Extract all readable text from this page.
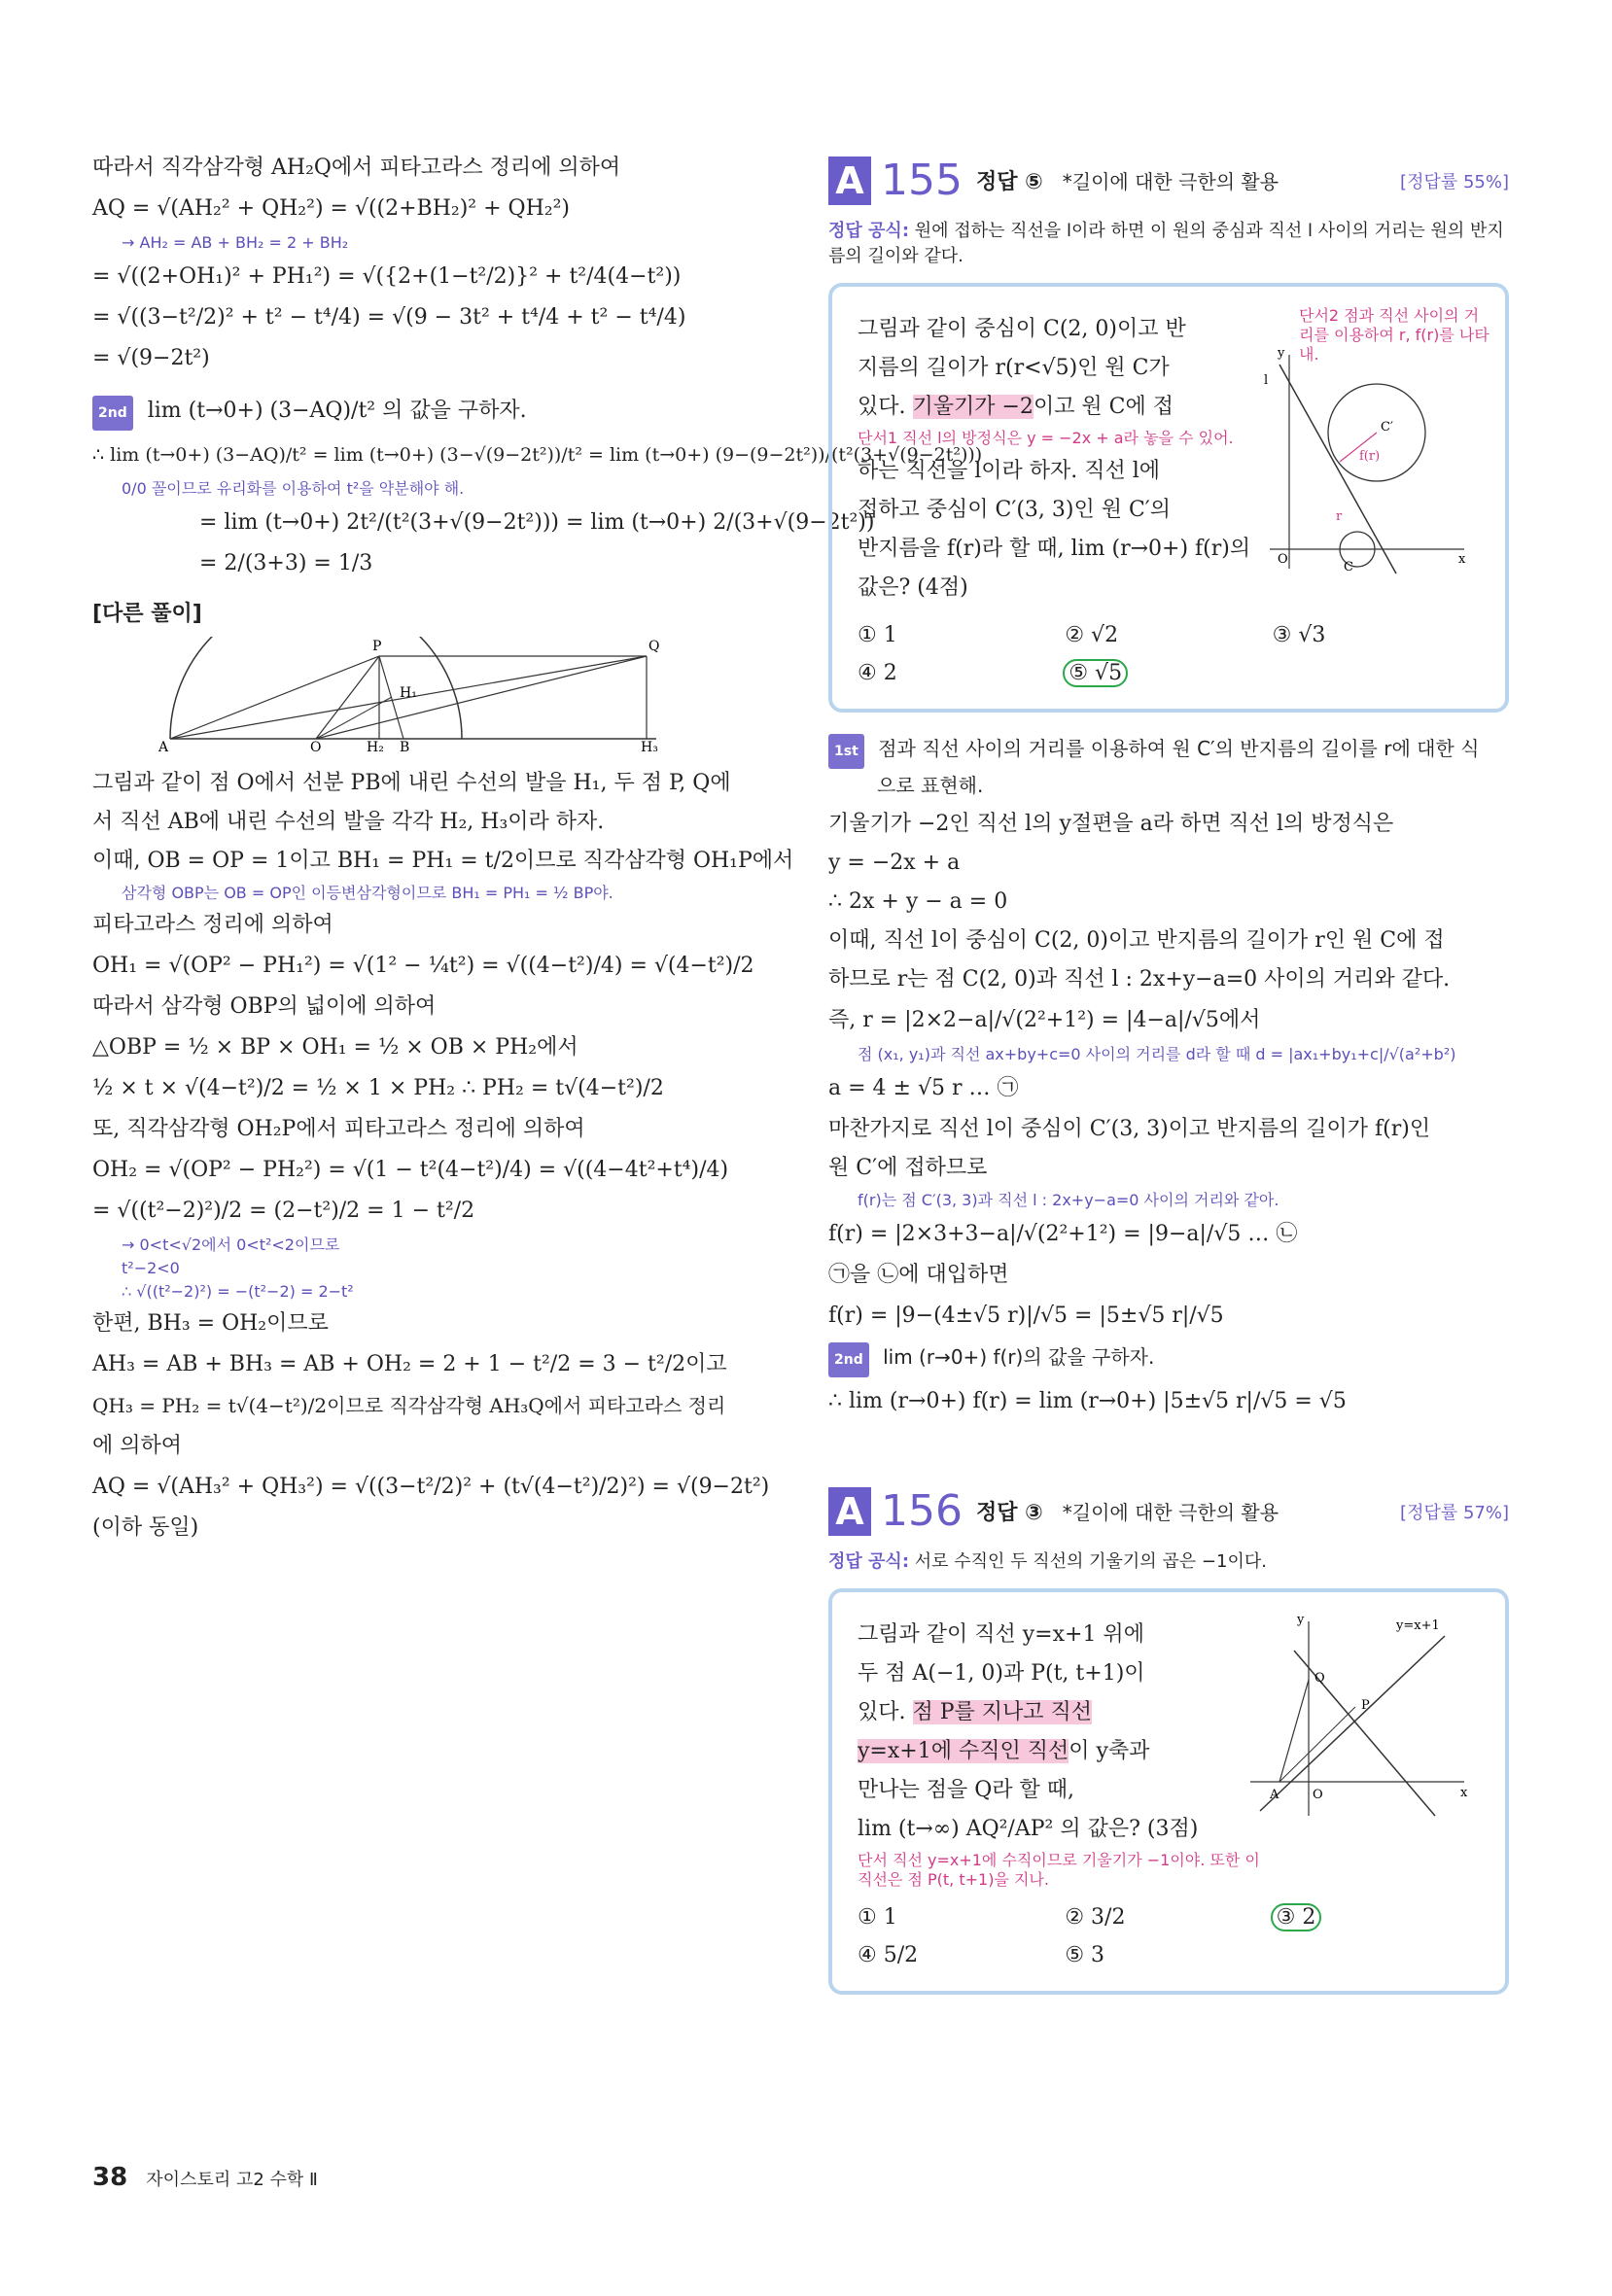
따라서 직각삼각형 AH₂Q에서 피타고라스 정리에 의하여
AQ = √(AH₂² + QH₂²) = √((2+BH₂)² + QH₂²)
→ AH₂ = AB + BH₂ = 2 + BH₂
= √((2+OH₁)² + PH₁²) = √({2+(1−t²/2)}² + t²/4(4−t²))
= √((3−t²/2)² + t² − t⁴/4) = √(9 − 3t² + t⁴/4 + t² − t⁴/4)
= √(9−2t²)
2nd lim (t→0+) (3−AQ)/t² 의 값을 구하자.
∴ lim (t→0+) (3−AQ)/t² = lim (t→0+) (3−√(9−2t²))/t² = lim (t→0+) (9−(9−2t²))/(t²(3+√(9−2t²)))
0/0 꼴이므로 유리화를 이용하여 t²을 약분해야 해.
= lim (t→0+) 2t²/(t²(3+√(9−2t²))) = lim (t→0+) 2/(3+√(9−2t²))
= 2/(3+3) = 1/3
[다른 풀이]
P	Q
H₁
A	O	H₂ B	H₃
그림과 같이 점 O에서 선분 PB에 내린 수선의 발을 H₁, 두 점 P, Q에
서 직선 AB에 내린 수선의 발을 각각 H₂, H₃이라 하자.
이때, OB = OP = 1이고 BH₁ = PH₁ = t/2이므로 직각삼각형 OH₁P에서
삼각형 OBP는 OB = OP인 이등변삼각형이므로 BH₁ = PH₁ = ½ BP야.
피타고라스 정리에 의하여
OH₁ = √(OP² − PH₁²) = √(1² − ¼t²) = √((4−t²)/4) = √(4−t²)/2
따라서 삼각형 OBP의 넓이에 의하여
△OBP = ½ × BP × OH₁ = ½ × OB × PH₂에서
½ × t × √(4−t²)/2 = ½ × 1 × PH₂ ∴ PH₂ = t√(4−t²)/2
또, 직각삼각형 OH₂P에서 피타고라스 정리에 의하여
OH₂ = √(OP² − PH₂²) = √(1 − t²(4−t²)/4) = √((4−4t²+t⁴)/4)
= √((t²−2)²)/2 = (2−t²)/2 = 1 − t²/2
→ 0<t<√2에서 0<t²<2이므로
t²−2<0
∴ √((t²−2)²) = −(t²−2) = 2−t²
한편, BH₃ = OH₂이므로
AH₃ = AB + BH₃ = AB + OH₂ = 2 + 1 − t²/2 = 3 − t²/2이고
QH₃ = PH₂ = t√(4−t²)/2이므로 직각삼각형 AH₃Q에서 피타고라스 정리
에 의하여
AQ = √(AH₃² + QH₃²) = √((3−t²/2)² + (t√(4−t²)/2)²) = √(9−2t²)
(이하 동일)
A 155 정답 ⑤ *길이에 대한 극한의 활용	[정답률 55%]
정답 공식: 원에 접하는 직선을 l이라 하면 이 원의 중심과 직선 l 사이의 거리는 원의 반지름의 길이와 같다.
그림과 같이 중심이 C(2, 0)이고 반
지름의 길이가 r(r<√5)인 원 C가
있다. 기울기가 −2이고 원 C에 접
단서1 직선 l의 방정식은 y = −2x + a라 놓을 수 있어.
하는 직선을 l이라 하자. 직선 l에
접하고 중심이 C′(3, 3)인 원 C′의
반지름을 f(r)라 할 때, lim (r→0+) f(r)의
값은? (4점)
단서2 점과 직선 사이의 거리를 이용하여 r, f(r)를 나타내.
y
l
C′
f(r)
r
C
O	x
① 1	② √2	③ √3
④ 2	⑤ √5
1st 점과 직선 사이의 거리를 이용하여 원 C′의 반지름의 길이를 r에 대한 식
으로 표현해.
기울기가 −2인 직선 l의 y절편을 a라 하면 직선 l의 방정식은
y = −2x + a
∴ 2x + y − a = 0
이때, 직선 l이 중심이 C(2, 0)이고 반지름의 길이가 r인 원 C에 접
하므로 r는 점 C(2, 0)과 직선 l : 2x+y−a=0 사이의 거리와 같다.
즉, r = |2×2−a|/√(2²+1²) = |4−a|/√5에서
점 (x₁, y₁)과 직선 ax+by+c=0 사이의 거리를 d라 할 때 d = |ax₁+by₁+c|/√(a²+b²)
a = 4 ± √5 r … ㉠
마찬가지로 직선 l이 중심이 C′(3, 3)이고 반지름의 길이가 f(r)인
원 C′에 접하므로
f(r)는 점 C′(3, 3)과 직선 l : 2x+y−a=0 사이의 거리와 같아.
f(r) = |2×3+3−a|/√(2²+1²) = |9−a|/√5 … ㉡
㉠을 ㉡에 대입하면
f(r) = |9−(4±√5 r)|/√5 = |5±√5 r|/√5
2nd lim (r→0+) f(r)의 값을 구하자.
∴ lim (r→0+) f(r) = lim (r→0+) |5±√5 r|/√5 = √5
A 156 정답 ③ *길이에 대한 극한의 활용	[정답률 57%]
정답 공식: 서로 수직인 두 직선의 기울기의 곱은 −1이다.
그림과 같이 직선 y=x+1 위에
두 점 A(−1, 0)과 P(t, t+1)이
있다. 점 P를 지나고 직선
y=x+1에 수직인 직선이 y축과
만나는 점을 Q라 할 때,
lim (t→∞) AQ²/AP² 의 값은? (3점)
단서 직선 y=x+1에 수직이므로 기울기가 −1이야. 또한 이 직선은 점 P(t, t+1)을 지나.
y	y=x+1
Q
P
A	O	x
① 1	② 3/2	③ 2
④ 5/2	⑤ 3
38 자이스토리 고2 수학 Ⅱ
